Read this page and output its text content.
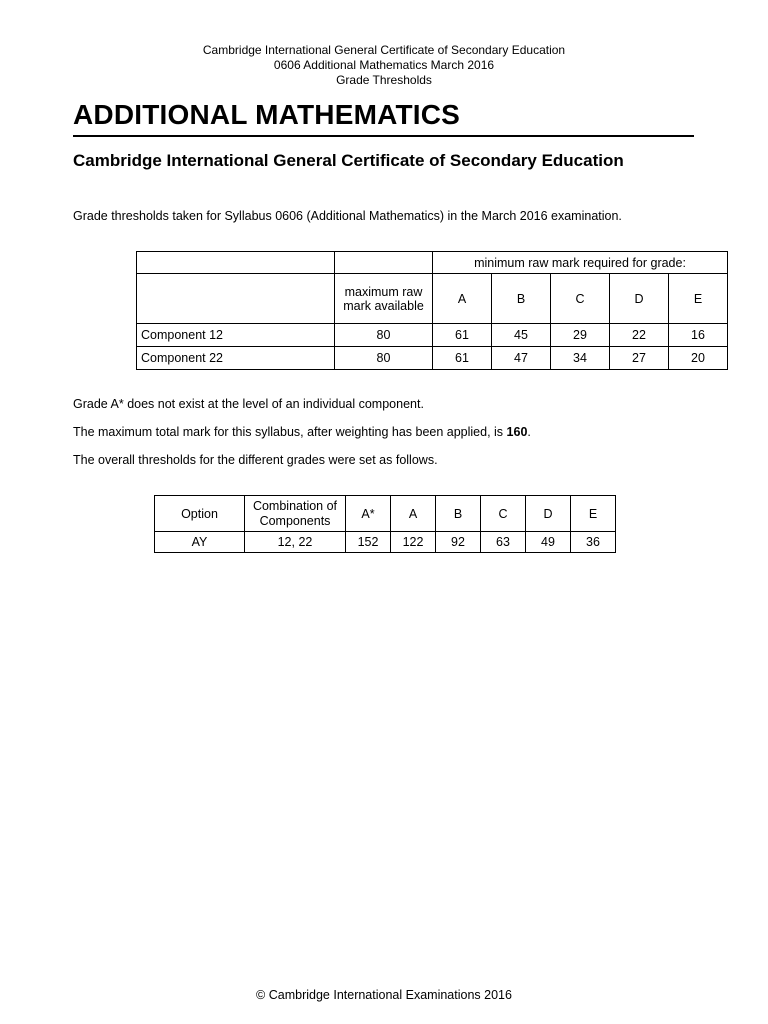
Cambridge International General Certificate of Secondary Education
0606 Additional Mathematics March 2016
Grade Thresholds
ADDITIONAL MATHEMATICS
Cambridge International General Certificate of Secondary Education
Grade thresholds taken for Syllabus 0606 (Additional Mathematics) in the March 2016 examination.
		minimum raw mark required for grade:				
	maximum raw mark available	A	B	C	D	E
Component 12	80	61	45	29	22	16
Component 22	80	61	47	34	27	20
Grade A* does not exist at the level of an individual component.
The maximum total mark for this syllabus, after weighting has been applied, is 160.
The overall thresholds for the different grades were set as follows.
Option	Combination of Components	A*	A	B	C	D	E
AY	12, 22	152	122	92	63	49	36
© Cambridge International Examinations 2016
